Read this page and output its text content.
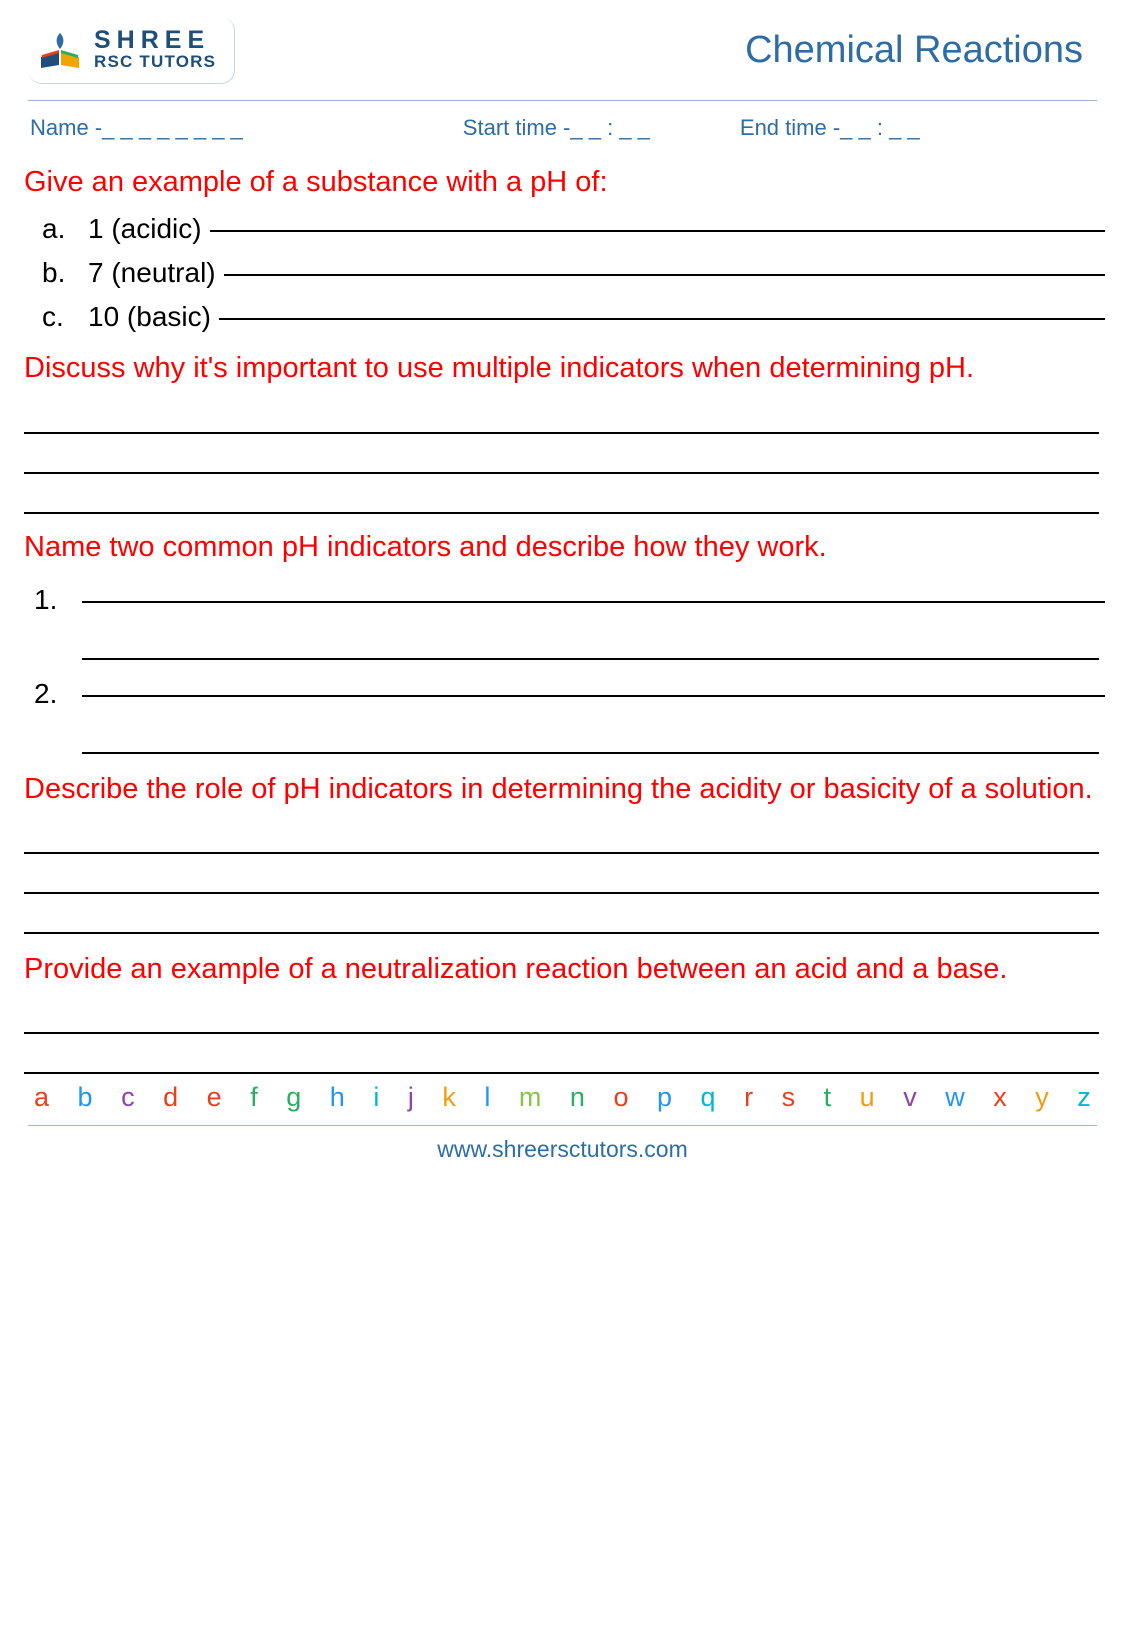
SHREE
RSC TUTORS	Chemical Reactions
Name - _ _ _ _ _ _ _ _	Start time - _ _ : _ _	End time - _ _ : _ _
Give an example of a substance with a pH of:
a. 1 (acidic)
b. 7 (neutral)
c. 10 (basic)
Discuss why it's important to use multiple indicators when determining pH.
Name two common pH indicators and describe how they work.
1.
2.
Describe the role of pH indicators in determining the acidity or basicity of a solution.
Provide an example of a neutralization reaction between an acid and a base.
a b c d e f g h i j k l m n o p q r s t u v w x y z
www.shreersctutors.com
